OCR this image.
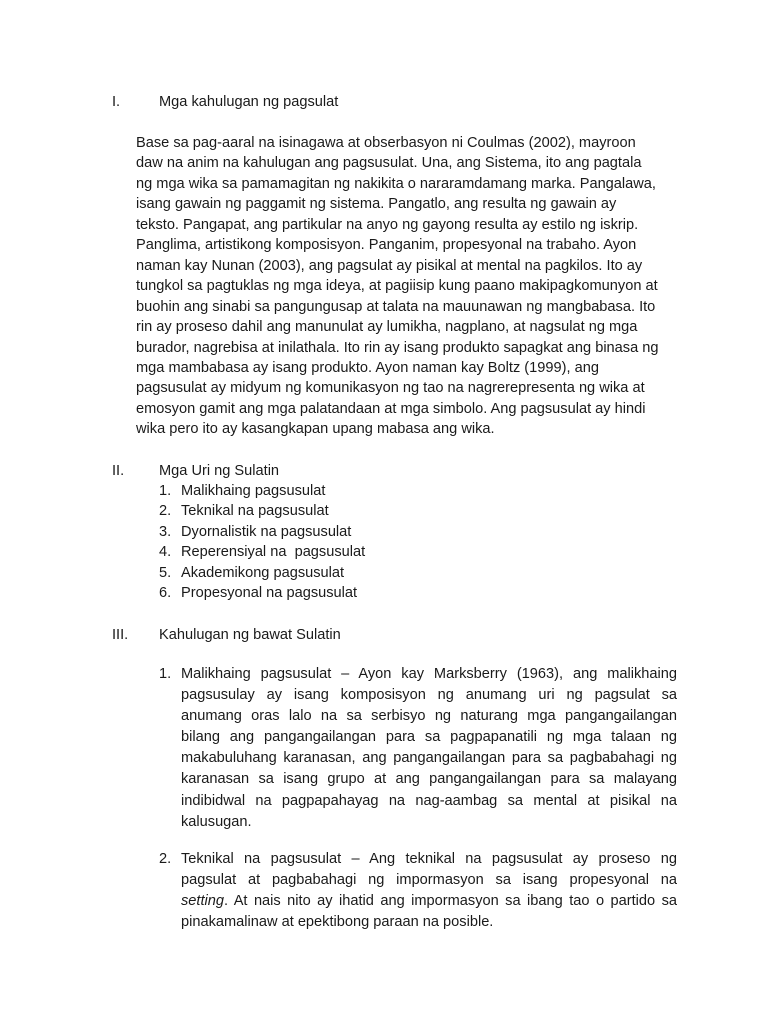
I.	Mga kahulugan ng pagsulat

Base sa pag-aaral na isinagawa at obserbasyon ni Coulmas (2002), mayroon
daw na anim na kahulugan ang pagsusulat. Una, ang Sistema, ito ang pagtala
ng mga wika sa pamamagitan ng nakikita o nararamdamang marka. Pangalawa,
isang gawain ng paggamit ng sistema. Pangatlo, ang resulta ng gawain ay
teksto. Pangapat, ang partikular na anyo ng gayong resulta ay estilo ng iskrip.
Panglima, artistikong komposisyon. Panganim, propesyonal na trabaho. Ayon
naman kay Nunan (2003), ang pagsulat ay pisikal at mental na pagkilos. Ito ay
tungkol sa pagtuklas ng mga ideya, at pagiisip kung paano makipagkomunyon at
buohin ang sinabi sa pangungusap at talata na mauunawan ng mangbabasa. Ito
rin ay proseso dahil ang manunulat ay lumikha, nagplano, at nagsulat ng mga
burador, nagrebisa at inilathala. Ito rin ay isang produkto sapagkat ang binasa ng
mga mambabasa ay isang produkto. Ayon naman kay Boltz (1999), ang
pagsusulat ay midyum ng komunikasyon ng tao na nagrerepresenta ng wika at
emosyon gamit ang mga palatandaan at mga simbolo. Ang pagsusulat ay hindi
wika pero ito ay kasangkapan upang mabasa ang wika.

II. Mga Uri ng Sulatin
1. Malikhaing pagsusulat
2. Teknikal na pagsusulat
3. Dyornalistik na pagsusulat
4. Reperensiyal na  pagsusulat
5. Akademikong pagsusulat
6. Propesyonal na pagsusulat
III. Kahulugan ng bawat Sulatin
1. Malikhaing pagsusulat – Ayon kay Marksberry (1963), ang malikhaing
pagsusulay ay isang komposisyon ng anumang uri ng pagsulat sa
anumang oras lalo na sa serbisyo ng naturang mga pangangailangan
bilang ang pangangailangan para sa pagpapanatili ng mga talaan ng
makabuluhang karanasan, ang pangangailangan para sa pagbabahagi ng
karanasan sa isang grupo at ang pangangailangan para sa malayang
indibidwal na pagpapahayag na nag-aambag sa mental at pisikal na
kalusugan.
2. Teknikal na pagsusulat – Ang teknikal na pagsusulat ay proseso ng
pagsulat at pagbabahagi ng impormasyon sa isang propesyonal na
setting. At nais nito ay ihatid ang impormasyon sa ibang tao o partido sa
pinakamalinaw at epektibong paraan na posible.
